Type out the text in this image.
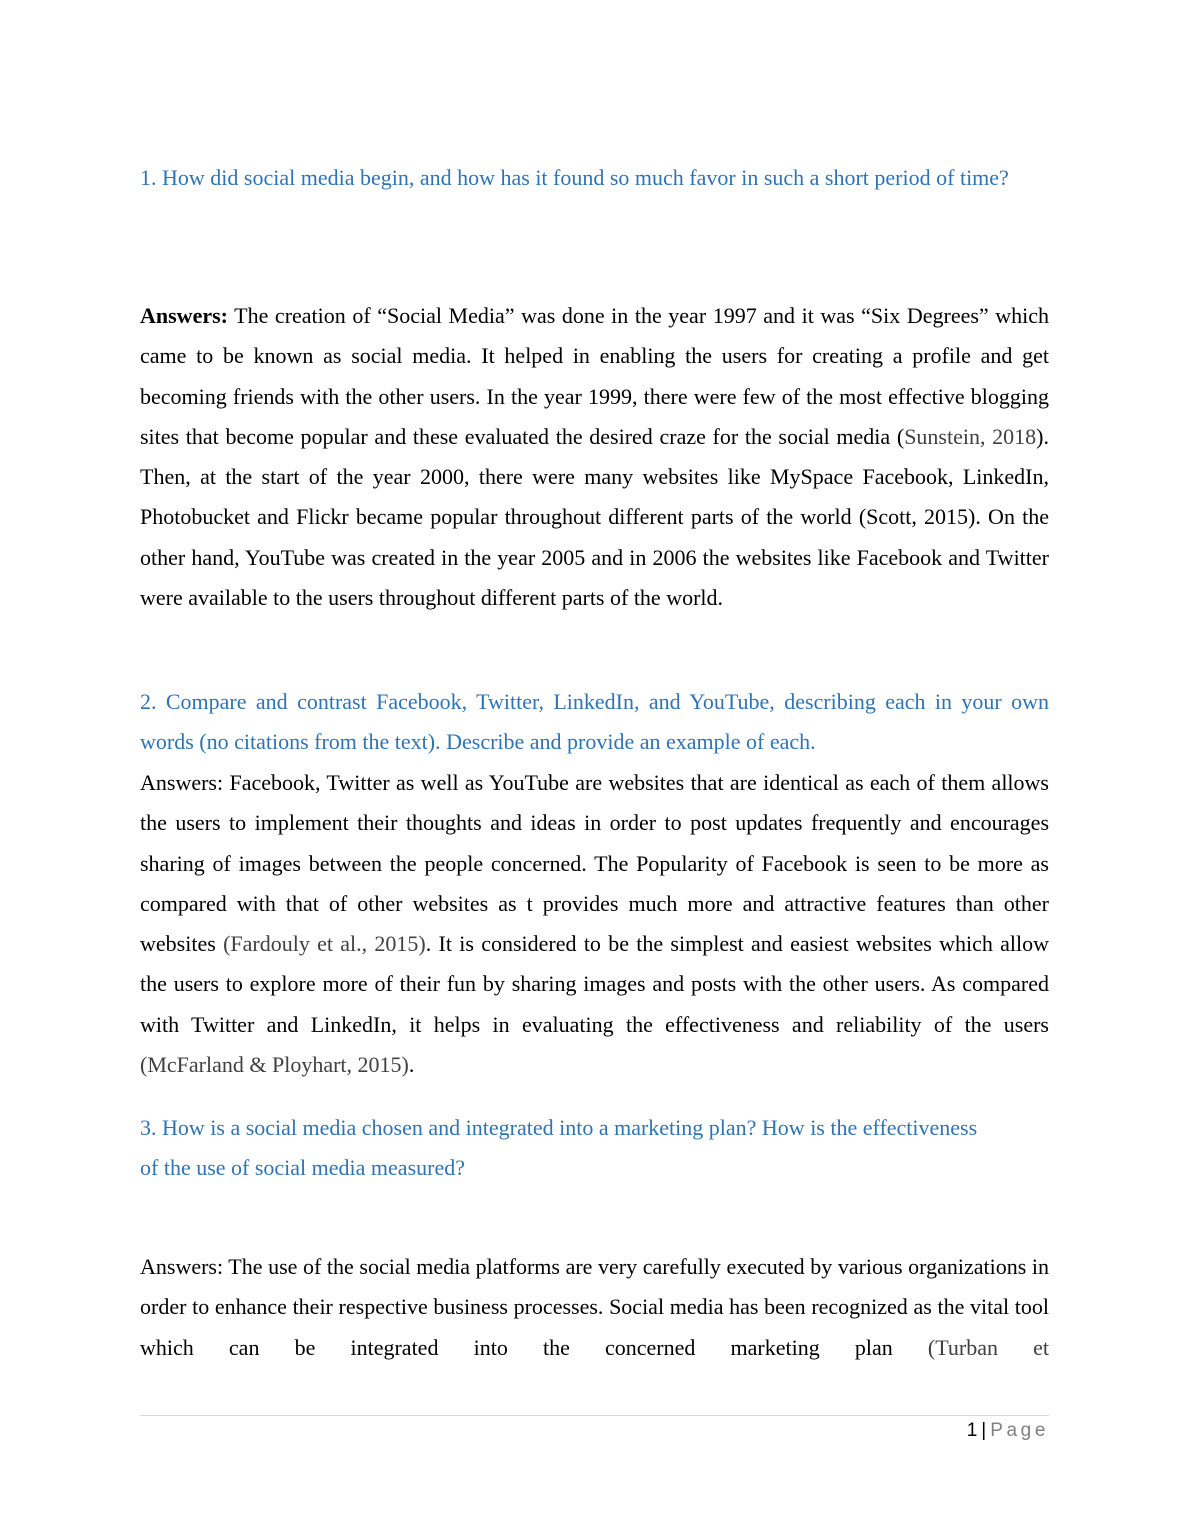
1. How did social media begin, and how has it found so much favor in such a short period of time?

Answers: The creation of “Social Media” was done in the year 1997 and it was “Six Degrees” which came to be known as social media. It helped in enabling the users for creating a profile and get becoming friends with the other users. In the year 1999, there were few of the most effective blogging sites that become popular and these evaluated the desired craze for the social media (Sunstein, 2018). Then, at the start of the year 2000, there were many websites like MySpace Facebook, LinkedIn, Photobucket and Flickr became popular throughout different parts of the world (Scott, 2015). On the other hand, YouTube was created in the year 2005 and in 2006 the websites like Facebook and Twitter were available to the users throughout different parts of the world.

2. Compare and contrast Facebook, Twitter, LinkedIn, and YouTube, describing each in your own words (no citations from the text). Describe and provide an example of each.

Answers: Facebook, Twitter as well as YouTube are websites that are identical as each of them allows the users to implement their thoughts and ideas in order to post updates frequently and encourages sharing of images between the people concerned. The Popularity of Facebook is seen to be more as compared with that of other websites as t provides much more and attractive features than other websites (Fardouly et al., 2015). It is considered to be the simplest and easiest websites which allow the users to explore more of their fun by sharing images and posts with the other users. As compared with Twitter and LinkedIn, it helps in evaluating the effectiveness and reliability of the users (McFarland & Ployhart, 2015).

3. How is a social media chosen and integrated into a marketing plan? How is the effectiveness
of the use of social media measured?

Answers: The use of the social media platforms are very carefully executed by various organizations in order to enhance their respective business processes. Social media has been recognized as the vital tool which can be integrated into the concerned marketing plan (Turban et

1 | Page
